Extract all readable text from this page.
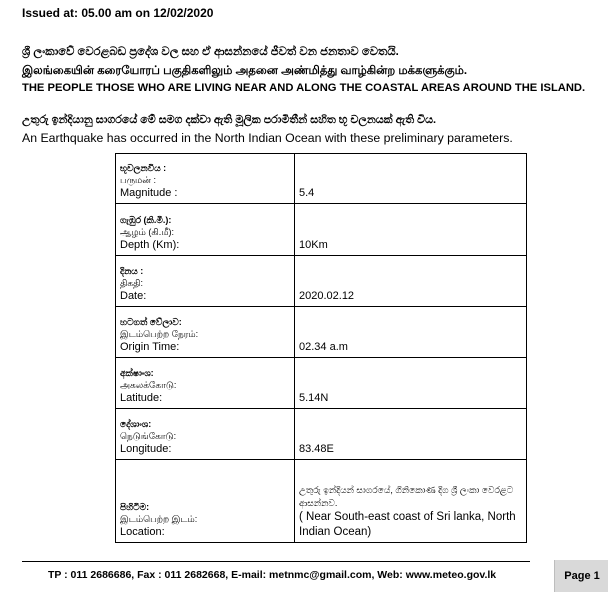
Issued at: 05.00 am on 12/02/2020
ශ්‍රී ලංකාවේ වෙරළබඩ ප්‍රදේශ වල සහ ඒ ආසන්නයේ ජීවත් වන ජනතාව වෙතයි.
இலங்கையின் கரையோரப் பகுதிகளிலும் அதனை அண்மித்து வாழ்கின்ற மக்களுக்கும்.
THE PEOPLE THOSE WHO ARE LIVING NEAR AND ALONG THE COASTAL AREAS AROUND THE ISLAND.
උතුරු ඉන්දියානු සාගරයේ මේ සමග දක්වා ඇති මූලික පරාමිතීන් සහිත භූ චලනයක් ඇති විය.
An Earthquake has occurred in the North Indian Ocean with these preliminary parameters.
භූචලනවිය :
பருமன் :
Magnitude :	5.4

ගැඹුර (කි.මී.):
ஆழம் (கி.மீ):
Depth (Km):	10Km

දිනය :
திகதி:
Date:	2020.02.12

හටගත් වේලාව:
இடம்பெற்ற நேரம்:
Origin Time:	02.34 a.m

අක්ෂාංශ:
அகலக்கோடு:
Latitude:	5.14N

දේශාංශ:
நெடுங்கோடு:
Longitude:	83.48E

පිහිටීම:
இடம்பெற்ற இடம்:
Location:	උතුරු ඉන්දියන් සාගරයේ, ගිනිකොණ දිග ශ්‍රී ලංකා වෙරළට ආසන්නව.
( Near South-east coast of Sri lanka, North Indian Ocean)
TP : 011 2686686, Fax : 011 2682668, E-mail: metnmc@gmail.com, Web: www.meteo.gov.lk	Page 1
